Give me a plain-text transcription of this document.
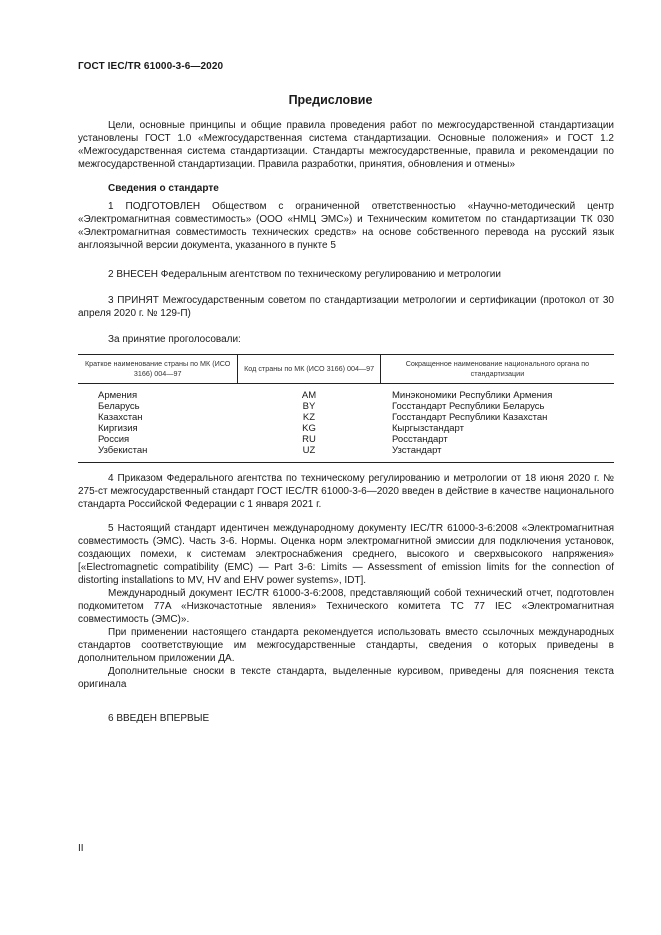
ГОСТ IEC/TR 61000-3-6—2020
Предисловие

Цели, основные принципы и общие правила проведения работ по межгосударственной стандартизации установлены ГОСТ 1.0 «Межгосударственная система стандартизации. Основные положения» и ГОСТ 1.2 «Межгосударственная система стандартизации. Стандарты межгосударственные, правила и рекомендации по межгосударственной стандартизации. Правила разработки, принятия, обновления и отмены»

Сведения о стандарте

1 ПОДГОТОВЛЕН Обществом с ограниченной ответственностью «Научно-методический центр «Электромагнитная совместимость» (ООО «НМЦ ЭМС») и Техническим комитетом по стандартизации ТК 030 «Электромагнитная совместимость технических средств» на основе собственного перевода на русский язык англоязычной версии документа, указанного в пункте 5

2 ВНЕСЕН Федеральным агентством по техническому регулированию и метрологии

3 ПРИНЯТ Межгосударственным советом по стандартизации метрологии и сертификации (протокол от 30 апреля 2020 г. № 129-П)

За принятие проголосовали:

Краткое наименование страны по МК (ИСО 3166) 004—97
Код страны по МК (ИСО 3166) 004—97
Сокращенное наименование национального органа по стандартизации
Армения
Беларусь
Казахстан
Киргизия
Россия
Узбекистан
AM
BY
KZ
KG
RU
UZ
Минэкономики Республики Армения
Госстандарт Республики Беларусь
Госстандарт Республики Казахстан
Кыргызстандарт
Росстандарт
Узстандарт

4 Приказом Федерального агентства по техническому регулированию и метрологии от 18 июня 2020 г. № 275-ст межгосударственный стандарт ГОСТ IEC/TR 61000-3-6—2020 введен в действие в качестве национального стандарта Российской Федерации с 1 января 2021 г.

5 Настоящий стандарт идентичен международному документу IEC/TR 61000-3-6:2008 «Электромагнитная совместимость (ЭМС). Часть 3-6. Нормы. Оценка норм электромагнитной эмиссии для подключения установок, создающих помехи, к системам электроснабжения среднего, высокого и сверхвысокого напряжения» [«Electromagnetic compatibility (EMC) — Part 3-6: Limits — Assessment of emission limits for the connection of distorting installations to MV, HV and EHV power systems», IDT].

Международный документ IEC/TR 61000-3-6:2008, представляющий собой технический отчет, подготовлен подкомитетом 77A «Низкочастотные явления» Технического комитета TC 77 IEC «Электромагнитная совместимость (ЭМС)».

При применении настоящего стандарта рекомендуется использовать вместо ссылочных международных стандартов соответствующие им межгосударственные стандарты, сведения о которых приведены в дополнительном приложении ДА.

Дополнительные сноски в тексте стандарта, выделенные курсивом, приведены для пояснения текста оригинала

6 ВВЕДЕН ВПЕРВЫЕ

II
